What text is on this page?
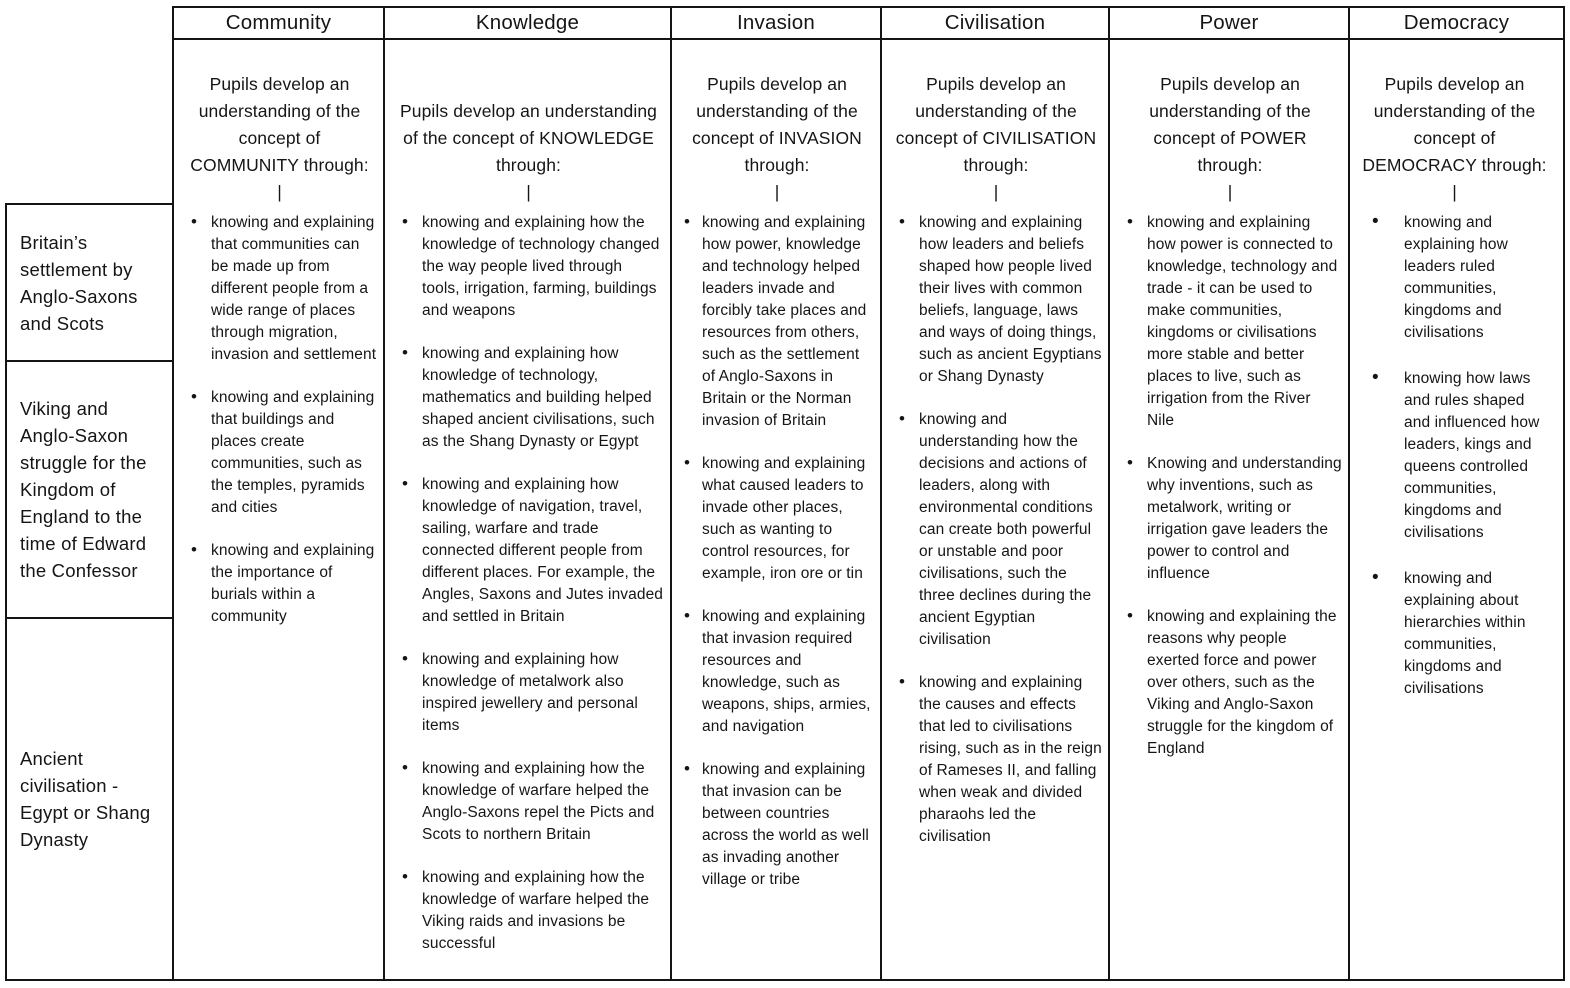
Britain’s settlement by Anglo-Saxons and Scots
Viking and Anglo-Saxon struggle for the Kingdom of England to the time of Edward the Confessor
Ancient civilisation - Egypt or Shang Dynasty
Community
Pupils develop an understanding of the concept of COMMUNITY through:
|
• knowing and explaining that communities can be made up from different people from a wide range of places through migration, invasion and settlement
• knowing and explaining that buildings and places create communities, such as the temples, pyramids and cities
• knowing and explaining the importance of burials within a community
Knowledge
Pupils develop an understanding of the concept of KNOWLEDGE through:
|
• knowing and explaining how the knowledge of technology changed the way people lived through tools, irrigation, farming, buildings and weapons
• knowing and explaining how knowledge of technology, mathematics and building helped shaped ancient civilisations, such as the Shang Dynasty or Egypt
• knowing and explaining how knowledge of navigation, travel, sailing, warfare and trade connected different people from different places. For example, the Angles, Saxons and Jutes invaded and settled in Britain
• knowing and explaining how knowledge of metalwork also inspired jewellery and personal items
• knowing and explaining how the knowledge of warfare helped the Anglo-Saxons repel the Picts and Scots to northern Britain
• knowing and explaining how the knowledge of warfare helped the Viking raids and invasions be successful
Invasion
Pupils develop an understanding of the concept of INVASION through:
|
• knowing and explaining how power, knowledge and technology helped leaders invade and forcibly take places and resources from others, such as the settlement of Anglo-Saxons in Britain or the Norman invasion of Britain
• knowing and explaining what caused leaders to invade other places, such as wanting to control resources, for example, iron ore or tin
• knowing and explaining that invasion required resources and knowledge, such as weapons, ships, armies, and navigation
• knowing and explaining that invasion can be between countries across the world as well as invading another village or tribe
Civilisation
Pupils develop an understanding of the concept of CIVILISATION through:
|
• knowing and explaining how leaders and beliefs shaped how people lived their lives with common beliefs, language, laws and ways of doing things, such as ancient Egyptians or Shang Dynasty
• knowing and understanding how the decisions and actions of leaders, along with environmental conditions can create both powerful or unstable and poor civilisations, such the three declines during the ancient Egyptian civilisation
• knowing and explaining the causes and effects that led to civilisations rising, such as in the reign of Rameses II, and falling when weak and divided pharaohs led the civilisation
Power
Pupils develop an understanding of the concept of POWER through:
|
• knowing and explaining how power is connected to knowledge, technology and trade - it can be used to make communities, kingdoms or civilisations more stable and better places to live, such as irrigation from the River Nile
• Knowing and understanding why inventions, such as metalwork, writing or irrigation gave leaders the power to control and influence
• knowing and explaining the reasons why people exerted force and power over others, such as the Viking and Anglo-Saxon struggle for the kingdom of England
Democracy
Pupils develop an understanding of the concept of DEMOCRACY through:
|
• knowing and explaining how leaders ruled communities, kingdoms and civilisations
• knowing how laws and rules shaped and influenced how leaders, kings and queens controlled communities, kingdoms and civilisations
• knowing and explaining about hierarchies within communities, kingdoms and civilisations
